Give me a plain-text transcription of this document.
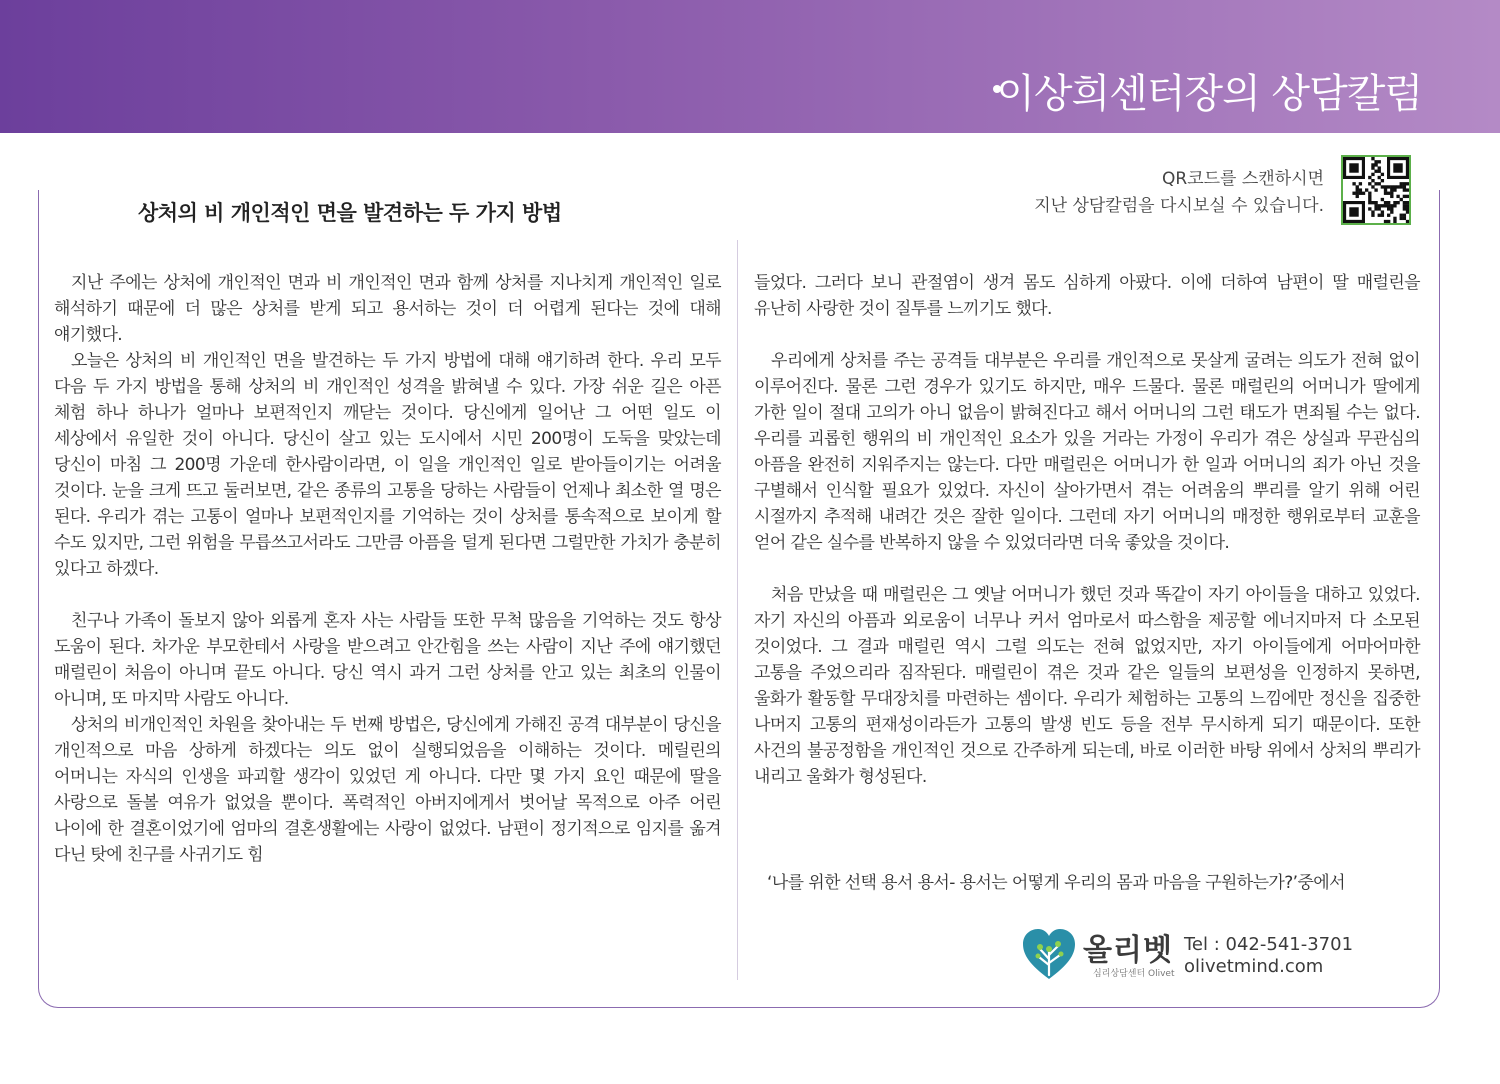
이상희센터장의 상담칼럼
QR코드를 스캔하시면
지난 상담칼럼을 다시보실 수 있습니다.
상처의 비 개인적인 면을 발견하는 두 가지 방법

지난 주에는 상처에 개인적인 면과 비 개인적인 면과 함께 상처를 지나치게 개인적인 일로 해석하기 때문에 더 많은 상처를 받게 되고 용서하는 것이 더 어렵게 된다는 것에 대해 얘기했다.

오늘은 상처의 비 개인적인 면을 발견하는 두 가지 방법에 대해 얘기하려 한다. 우리 모두 다음 두 가지 방법을 통해 상처의 비 개인적인 성격을 밝혀낼 수 있다. 가장 쉬운 길은 아픈 체험 하나 하나가 얼마나 보편적인지 깨닫는 것이다. 당신에게 일어난 그 어떤 일도 이 세상에서 유일한 것이 아니다. 당신이 살고 있는 도시에서 시민 200명이 도둑을 맞았는데 당신이 마침 그 200명 가운데 한사람이라면, 이 일을 개인적인 일로 받아들이기는 어려울 것이다. 눈을 크게 뜨고 둘러보면, 같은 종류의 고통을 당하는 사람들이 언제나 최소한 열 명은 된다. 우리가 겪는 고통이 얼마나 보편적인지를 기억하는 것이 상처를 통속적으로 보이게 할 수도 있지만, 그런 위험을 무릅쓰고서라도 그만큼 아픔을 덜게 된다면 그럴만한 가치가 충분히 있다고 하겠다.

친구나 가족이 돌보지 않아 외롭게 혼자 사는 사람들 또한 무척 많음을 기억하는 것도 항상 도움이 된다. 차가운 부모한테서 사랑을 받으려고 안간힘을 쓰는 사람이 지난 주에 얘기했던 매럴린이 처음이 아니며 끝도 아니다. 당신 역시 과거 그런 상처를 안고 있는 최초의 인물이 아니며, 또 마지막 사람도 아니다.

상처의 비개인적인 차원을 찾아내는 두 번째 방법은, 당신에게 가해진 공격 대부분이 당신을 개인적으로 마음 상하게 하겠다는 의도 없이 실행되었음을 이해하는 것이다. 메릴린의 어머니는 자식의 인생을 파괴할 생각이 있었던 게 아니다. 다만 몇 가지 요인 때문에 딸을 사랑으로 돌볼 여유가 없었을 뿐이다. 폭력적인 아버지에게서 벗어날 목적으로 아주 어린 나이에 한 결혼이었기에 엄마의 결혼생활에는 사랑이 없었다. 남편이 정기적으로 임지를 옮겨 다닌 탓에 친구를 사귀기도 힘

들었다. 그러다 보니 관절염이 생겨 몸도 심하게 아팠다. 이에 더하여 남편이 딸 매럴린을 유난히 사랑한 것이 질투를 느끼기도 했다.

우리에게 상처를 주는 공격들 대부분은 우리를 개인적으로 못살게 굴려는 의도가 전혀 없이 이루어진다. 물론 그런 경우가 있기도 하지만, 매우 드물다. 물론 매럴린의 어머니가 딸에게 가한 일이 절대 고의가 아니 없음이 밝혀진다고 해서 어머니의 그런 태도가 면죄될 수는 없다. 우리를 괴롭힌 행위의 비 개인적인 요소가 있을 거라는 가정이 우리가 겪은 상실과 무관심의 아픔을 완전히 지워주지는 않는다. 다만 매럴린은 어머니가 한 일과 어머니의 죄가 아닌 것을 구별해서 인식할 필요가 있었다. 자신이 살아가면서 겪는 어려움의 뿌리를 알기 위해 어린 시절까지 추적해 내려간 것은 잘한 일이다. 그런데 자기 어머니의 매정한 행위로부터 교훈을 얻어 같은 실수를 반복하지 않을 수 있었더라면 더욱 좋았을 것이다.

처음 만났을 때 매럴린은 그 옛날 어머니가 했던 것과 똑같이 자기 아이들을 대하고 있었다. 자기 자신의 아픔과 외로움이 너무나 커서 엄마로서 따스함을 제공할 에너지마저 다 소모된 것이었다. 그 결과 매럴린 역시 그럴 의도는 전혀 없었지만, 자기 아이들에게 어마어마한 고통을 주었으리라 짐작된다. 매럴린이 겪은 것과 같은 일들의 보편성을 인정하지 못하면, 울화가 활동할 무대장치를 마련하는 셈이다. 우리가 체험하는 고통의 느낌에만 정신을 집중한 나머지 고통의 편재성이라든가 고통의 발생 빈도 등을 전부 무시하게 되기 때문이다. 또한 사건의 불공정함을 개인적인 것으로 간주하게 되는데, 바로 이러한 바탕 위에서 상처의 뿌리가 내리고 울화가 형성된다.

‘나를 위한 선택 용서 용서- 용서는 어떻게 우리의 몸과 마음을 구원하는가?’중에서
올리벳
심리상담센터 Olivet
Tel : 042-541-3701
olivetmind.com
